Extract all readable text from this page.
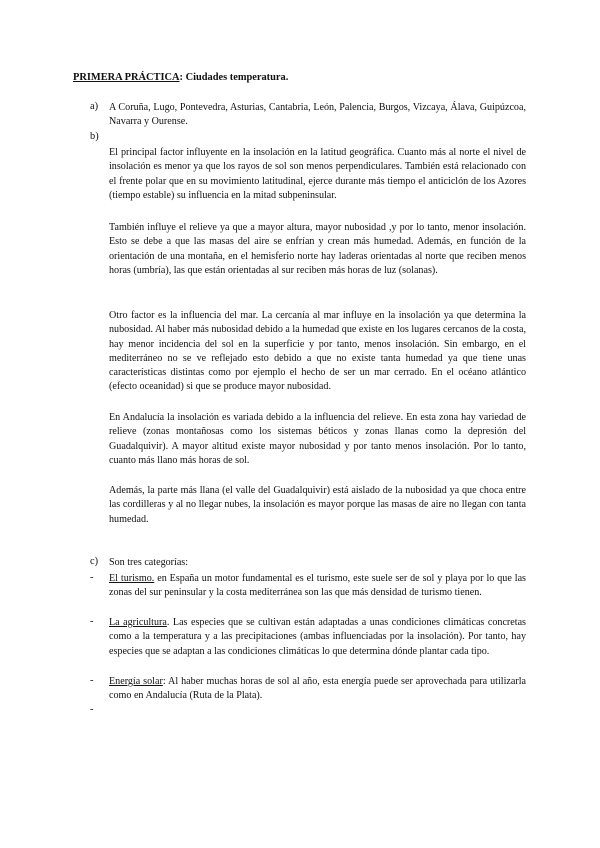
PRIMERA PRÁCTICA: Ciudades temperatura.
a) A Coruña, Lugo, Pontevedra, Asturias, Cantabria, León, Palencia, Burgos, Vizcaya, Álava, Guipúzcoa, Navarra y Ourense.
b)
El principal factor influyente en la insolación en la latitud geográfica. Cuanto más al norte el nivel de insolación es menor ya que los rayos de sol son menos perpendiculares. También está relacionado con el frente polar que en su movimiento latitudinal, ejerce durante más tiempo el anticiclón de los Azores (tiempo estable) su influencia en la mitad subpeninsular.
También influye el relieve ya que a mayor altura, mayor nubosidad ,y por lo tanto, menor insolación. Esto se debe a que las masas del aire se enfrían y crean más humedad. Además, en función de la orientación de una montaña, en el hemisferio norte hay laderas orientadas al norte que reciben menos horas (umbría), las que están orientadas al sur reciben más horas de luz (solanas).
Otro factor es la influencia del mar. La cercanía al mar influye en la insolación ya que determina la nubosidad. Al haber más nubosidad debido a la humedad que existe en los lugares cercanos de la costa, hay menor incidencia del sol en la superficie y por tanto, menos insolación. Sin embargo, en el mediterráneo no se ve reflejado esto debido a que no existe tanta humedad ya que tiene unas características distintas como por ejemplo el hecho de ser un mar cerrado. En el océano atlántico (efecto oceanidad) si que se produce mayor nubosidad.
En Andalucía la insolación es variada debido a la influencia del relieve. En esta zona hay variedad de relieve (zonas montañosas como los sistemas béticos y zonas llanas como la depresión del Guadalquivir). A mayor altitud existe mayor nubosidad y por tanto menos insolación. Por lo tanto, cuanto más llano más horas de sol.
Además, la parte más llana (el valle del Guadalquivir) está aislado de la nubosidad ya que choca entre las cordilleras y al no llegar nubes, la insolación es mayor porque las masas de aire no llegan con tanta humedad.
c) Son tres categorías:
- El turismo. en España un motor fundamental es el turismo, este suele ser de sol y playa por lo que las zonas del sur peninsular y la costa mediterránea son las que más densidad de turismo tienen.
- La agricultura. Las especies que se cultivan están adaptadas a unas condiciones climáticas concretas como a la temperatura y a las precipitaciones (ambas influenciadas por la insolación). Por tanto, hay especies que se adaptan a las condiciones climáticas lo que determina dónde plantar cada tipo.
- Energía solar: Al haber muchas horas de sol al año, esta energía puede ser aprovechada para utilizarla como en Andalucía (Ruta de la Plata).
-
